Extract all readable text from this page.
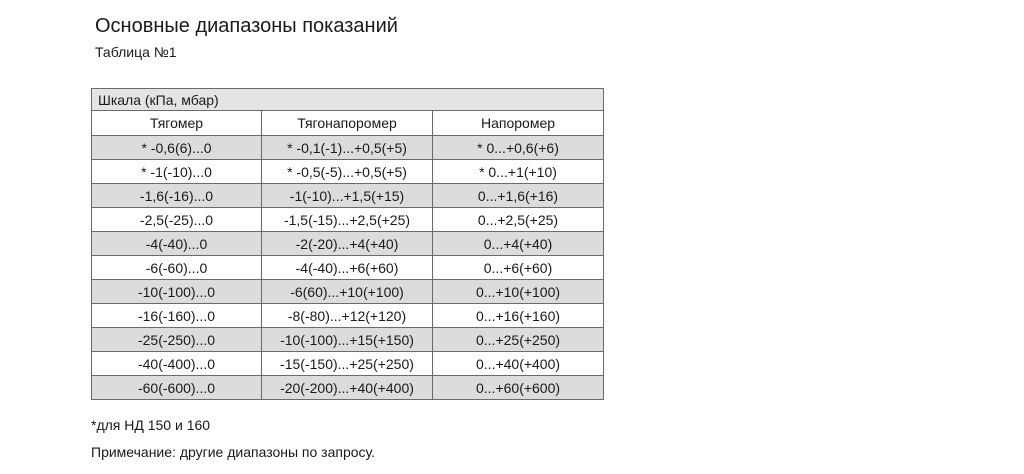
Основные диапазоны показаний
Таблица №1
Шкала (кПа, мбар)		
Тягомер	Тягонапоромер	Напоромер
* -0,6(6)...0	* -0,1(-1)...+0,5(+5)	* 0...+0,6(+6)
* -1(-10)...0	* -0,5(-5)...+0,5(+5)	* 0...+1(+10)
-1,6(-16)...0	-1(-10)...+1,5(+15)	0...+1,6(+16)
-2,5(-25)...0	-1,5(-15)...+2,5(+25)	0...+2,5(+25)
-4(-40)...0	-2(-20)...+4(+40)	0...+4(+40)
-6(-60)...0	-4(-40)...+6(+60)	0...+6(+60)
-10(-100)...0	-6(60)...+10(+100)	0...+10(+100)
-16(-160)...0	-8(-80)...+12(+120)	0...+16(+160)
-25(-250)...0	-10(-100)...+15(+150)	0...+25(+250)
-40(-400)...0	-15(-150)...+25(+250)	0...+40(+400)
-60(-600)...0	-20(-200)...+40(+400)	0...+60(+600)
*для НД 150 и 160
Примечание: другие диапазоны по запросу.
